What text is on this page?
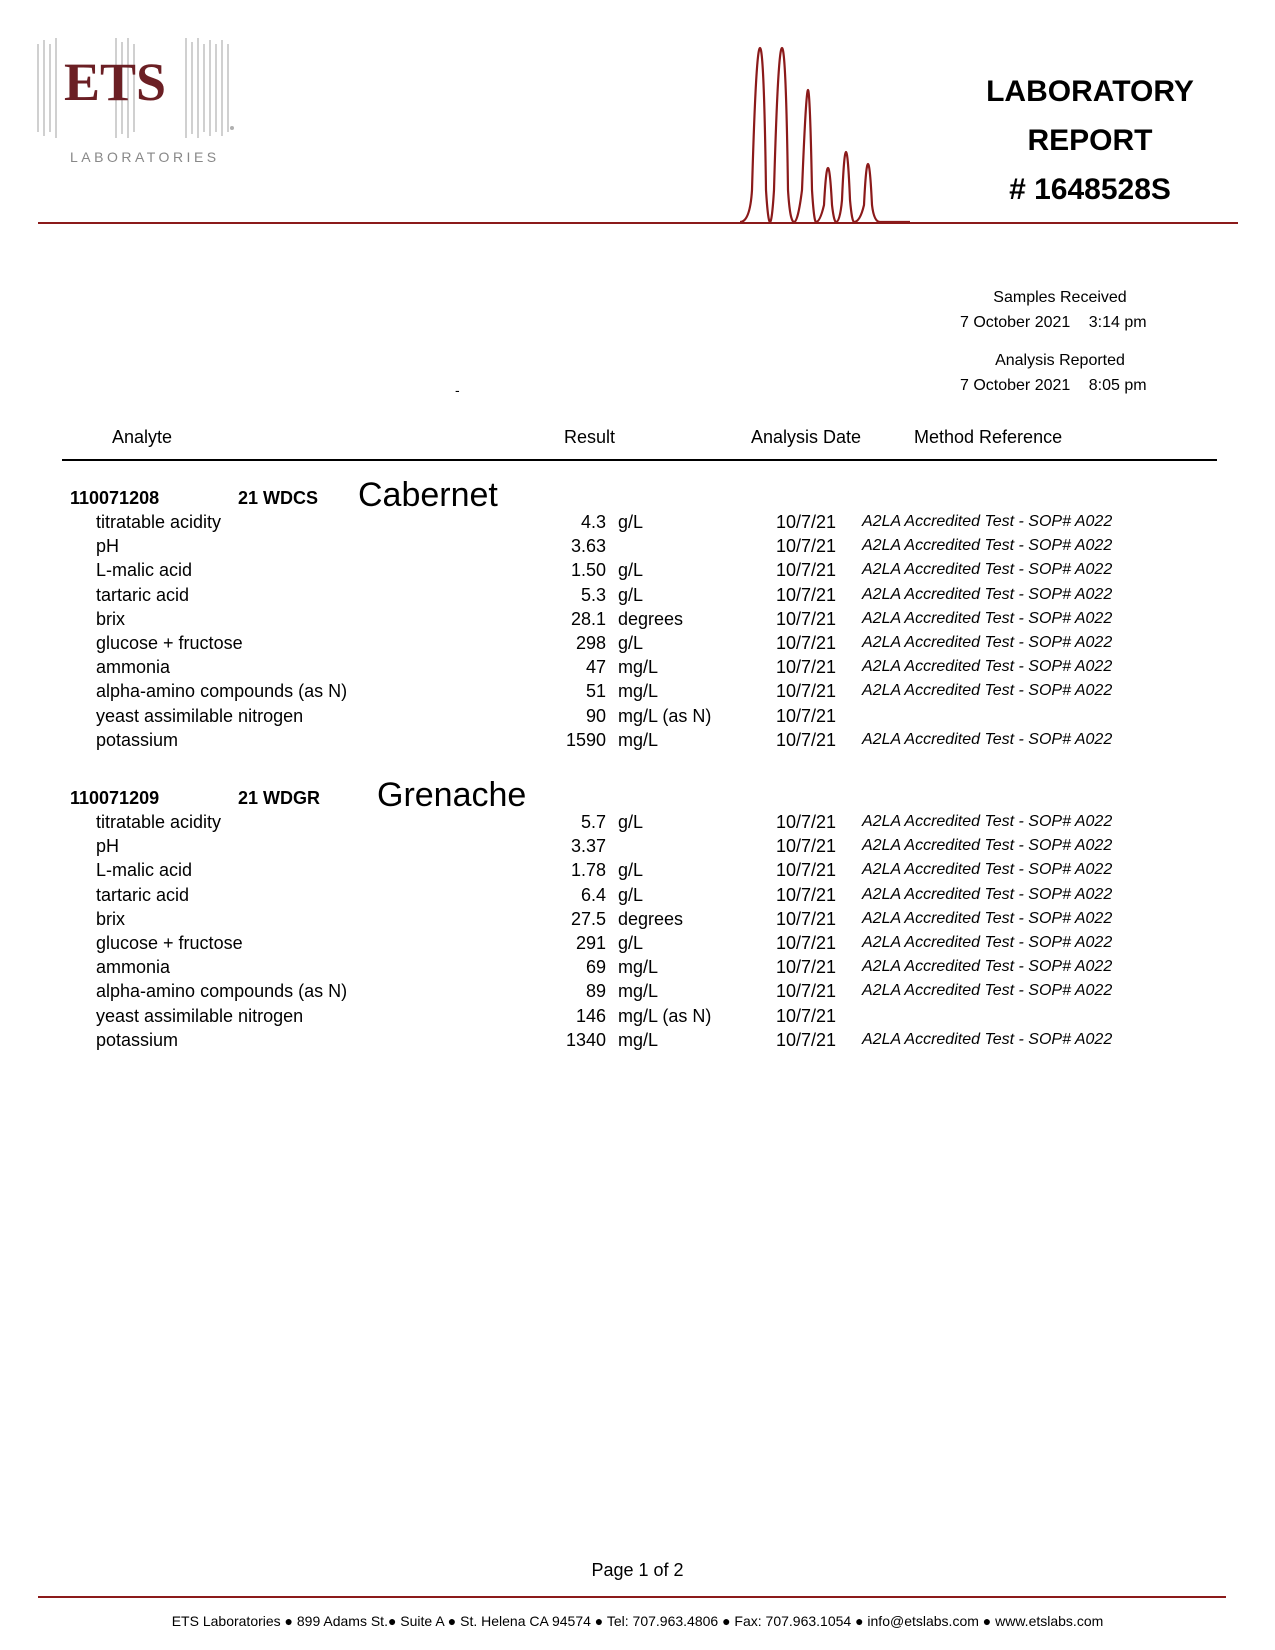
ETS
LABORATORIES
LABORATORY
REPORT
# 1648528S
Samples Received
7 October 2021 3:14 pm
Analysis Reported
7 October 2021 8:05 pm
-
Analyte	Result	Analysis Date	Method Reference
110071208	21 WDCS Cabernet
titratable acidity	4.3 g/L	10/7/21 A2LA Accredited Test - SOP# A022
pH	3.63	10/7/21 A2LA Accredited Test - SOP# A022
L-malic acid	1.50 g/L	10/7/21 A2LA Accredited Test - SOP# A022
tartaric acid	5.3 g/L	10/7/21 A2LA Accredited Test - SOP# A022
brix	28.1 degrees	10/7/21 A2LA Accredited Test - SOP# A022
glucose + fructose	298 g/L	10/7/21 A2LA Accredited Test - SOP# A022
ammonia	47 mg/L	10/7/21 A2LA Accredited Test - SOP# A022
alpha-amino compounds (as N)	51 mg/L	10/7/21 A2LA Accredited Test - SOP# A022
yeast assimilable nitrogen	90 mg/L (as N)	10/7/21
potassium	1590 mg/L	10/7/21 A2LA Accredited Test - SOP# A022
110071209	21 WDGR Grenache
titratable acidity	5.7 g/L	10/7/21 A2LA Accredited Test - SOP# A022
pH	3.37	10/7/21 A2LA Accredited Test - SOP# A022
L-malic acid	1.78 g/L	10/7/21 A2LA Accredited Test - SOP# A022
tartaric acid	6.4 g/L	10/7/21 A2LA Accredited Test - SOP# A022
brix	27.5 degrees	10/7/21 A2LA Accredited Test - SOP# A022
glucose + fructose	291 g/L	10/7/21 A2LA Accredited Test - SOP# A022
ammonia	69 mg/L	10/7/21 A2LA Accredited Test - SOP# A022
alpha-amino compounds (as N)	89 mg/L	10/7/21 A2LA Accredited Test - SOP# A022
yeast assimilable nitrogen	146 mg/L (as N)	10/7/21
potassium	1340 mg/L	10/7/21 A2LA Accredited Test - SOP# A022
Page 1 of 2
ETS Laboratories ● 899 Adams St.● Suite A ● St. Helena CA 94574 ● Tel: 707.963.4806 ● Fax: 707.963.1054 ● info@etslabs.com ● www.etslabs.com
